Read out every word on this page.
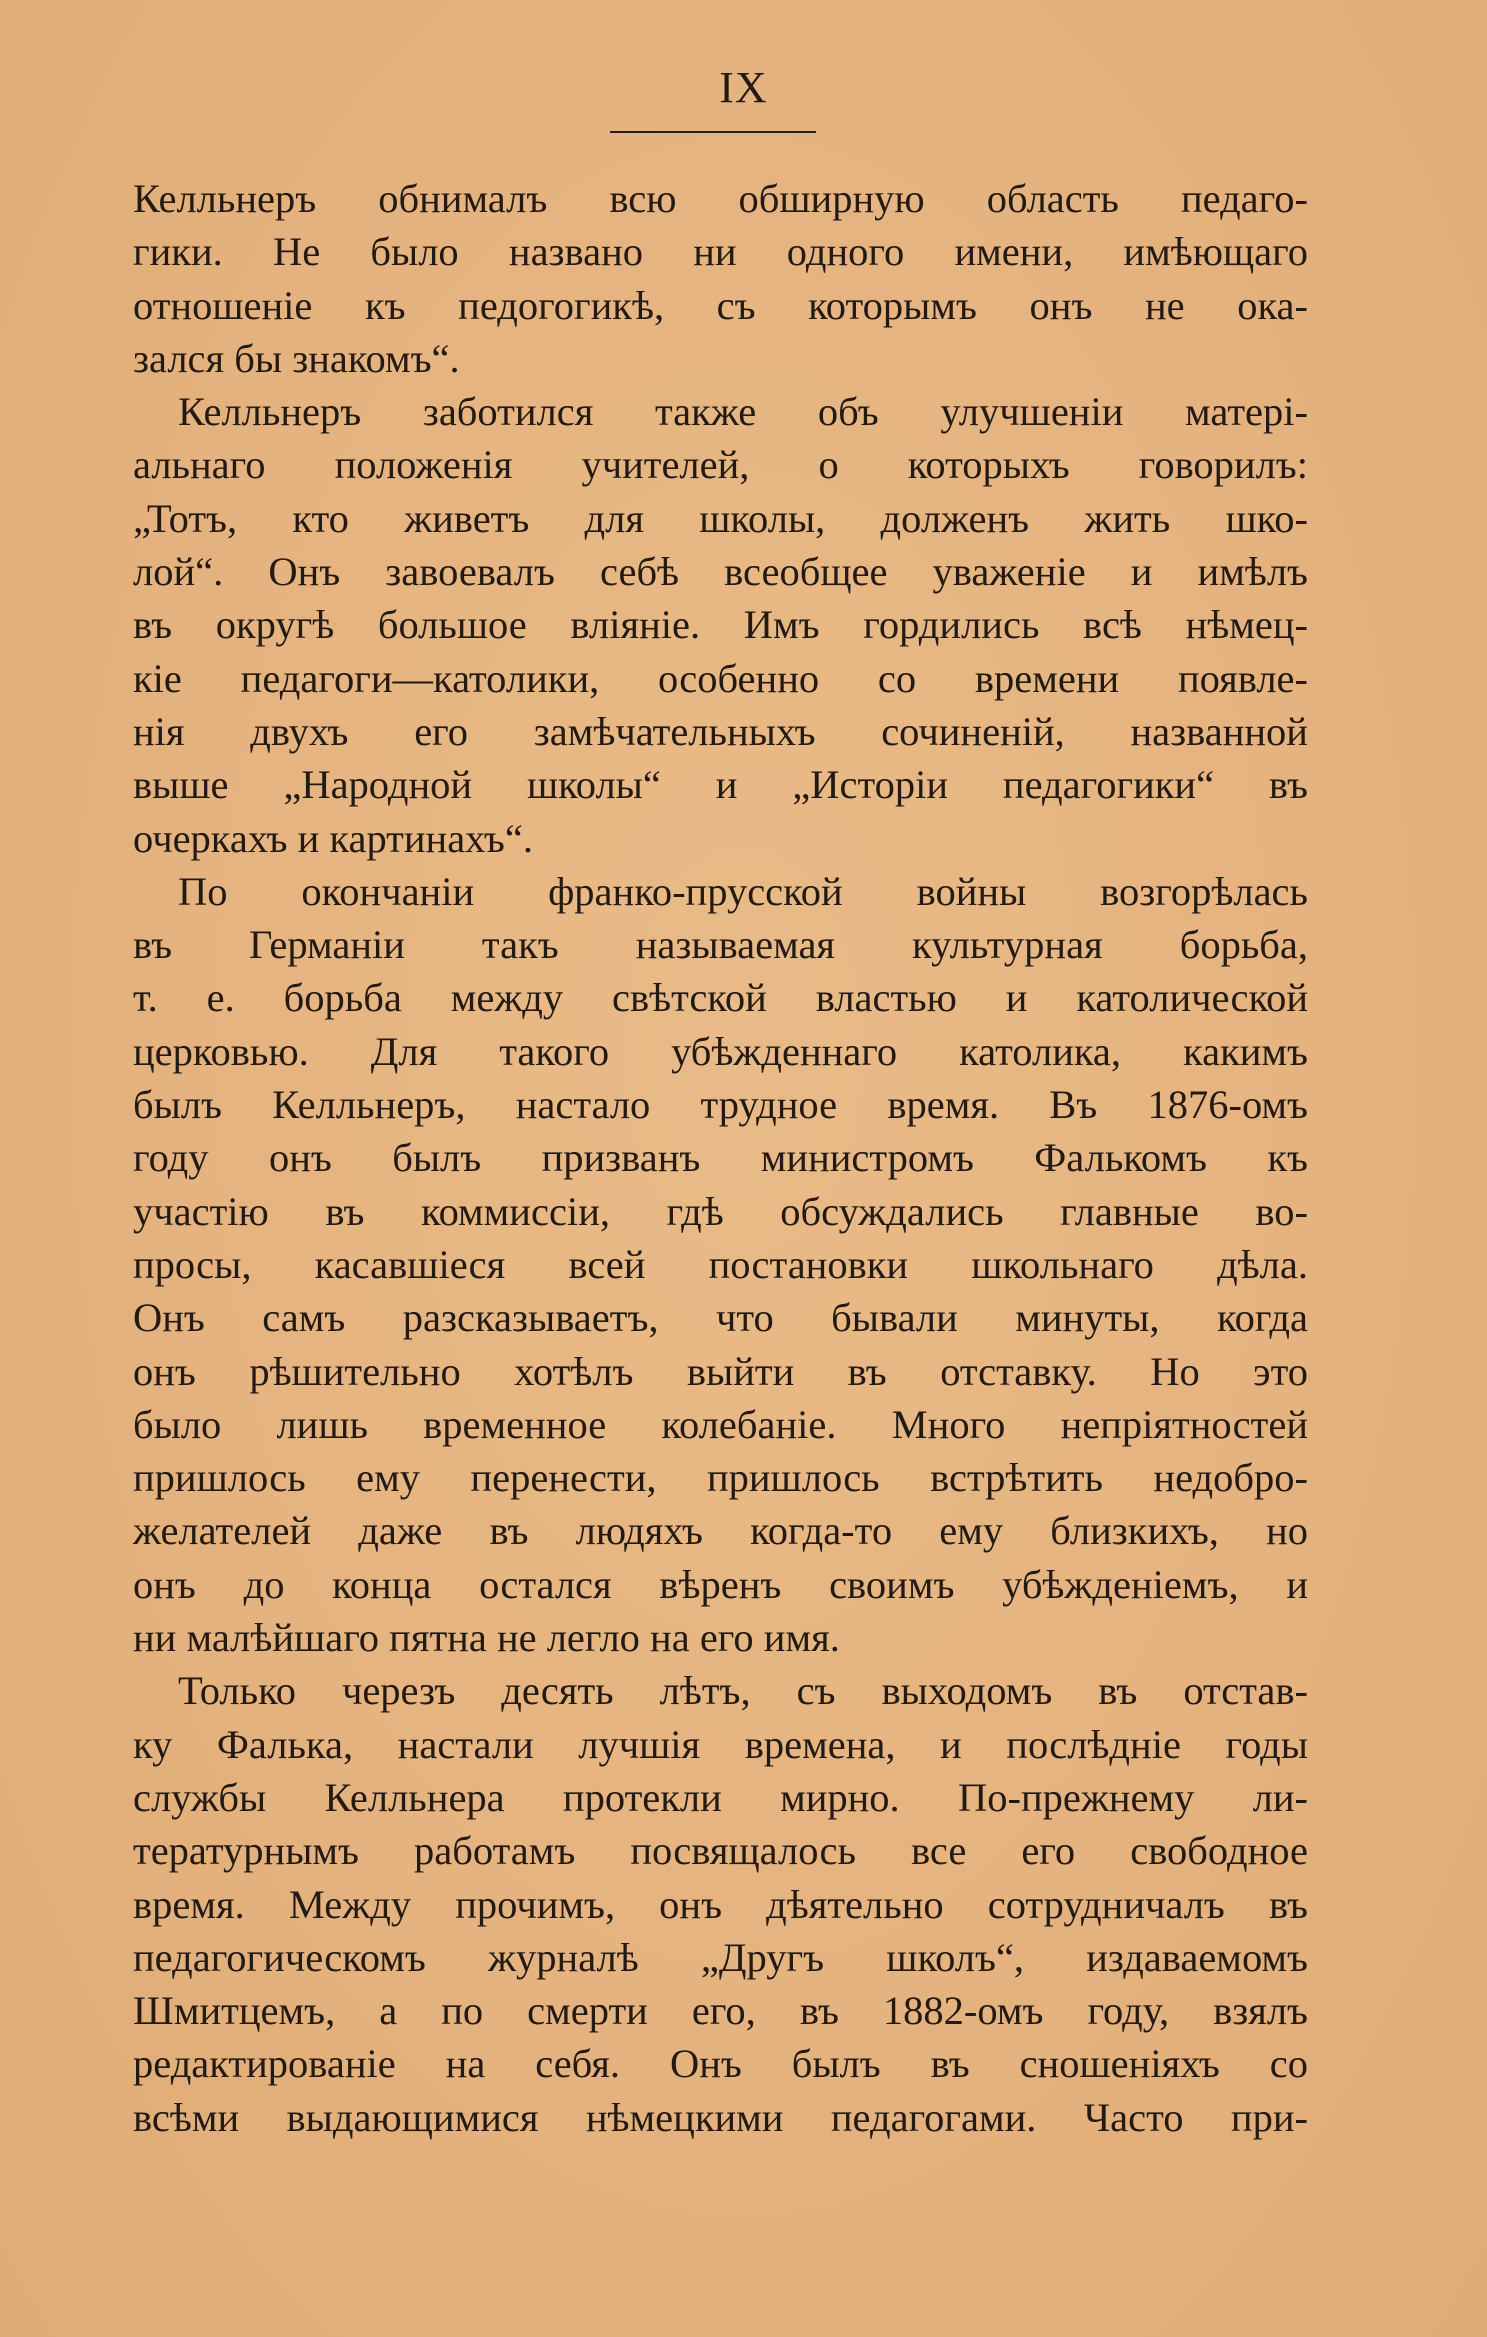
IX
Келльнеръ обнималъ всю обширную область педаго-
гики. Не было названо ни одного имени, имѣющаго
отношеніе къ педогогикѣ, съ которымъ онъ не ока-
зался бы знакомъ“.
Келльнеръ заботился также объ улучшеніи матері-
альнаго положенія учителей, о которыхъ говорилъ:
„Тотъ, кто живетъ для школы, долженъ жить шко-
лой“. Онъ завоевалъ себѣ всеобщее уваженіе и имѣлъ
въ округѣ большое вліяніе. Имъ гордились всѣ нѣмец-
кіе педагоги—католики, особенно со времени появле-
нія двухъ его замѣчательныхъ сочиненій, названной
выше „Народной школы“ и „Исторіи педагогики“ въ
очеркахъ и картинахъ“.
По окончаніи франко-прусской войны возгорѣлась
въ Германіи такъ называемая культурная борьба,
т. е. борьба между свѣтской властью и католической
церковью. Для такого убѣжденнаго католика, какимъ
былъ Келльнеръ, настало трудное время. Въ 1876-омъ
году онъ былъ призванъ министромъ Фалькомъ къ
участію въ коммиссіи, гдѣ обсуждались главные во-
просы, касавшіеся всей постановки школьнаго дѣла.
Онъ самъ разсказываетъ, что бывали минуты, когда
онъ рѣшительно хотѣлъ выйти въ отставку. Но это
было лишь временное колебаніе. Много непріятностей
пришлось ему перенести, пришлось встрѣтить недобро-
желателей даже въ людяхъ когда-то ему близкихъ, но
онъ до конца остался вѣренъ своимъ убѣжденіемъ, и
ни малѣйшаго пятна не легло на его имя.
Только черезъ десять лѣтъ, съ выходомъ въ отстав-
ку Фалька, настали лучшія времена, и послѣдніе годы
службы Келльнера протекли мирно. По-прежнему ли-
тературнымъ работамъ посвящалось все его свободное
время. Между прочимъ, онъ дѣятельно сотрудничалъ въ
педагогическомъ журналѣ „Другъ школъ“, издаваемомъ
Шмитцемъ, а по смерти его, въ 1882-омъ году, взялъ
редактированіе на себя. Онъ былъ въ сношеніяхъ со
всѣми выдающимися нѣмецкими педагогами. Часто при-
